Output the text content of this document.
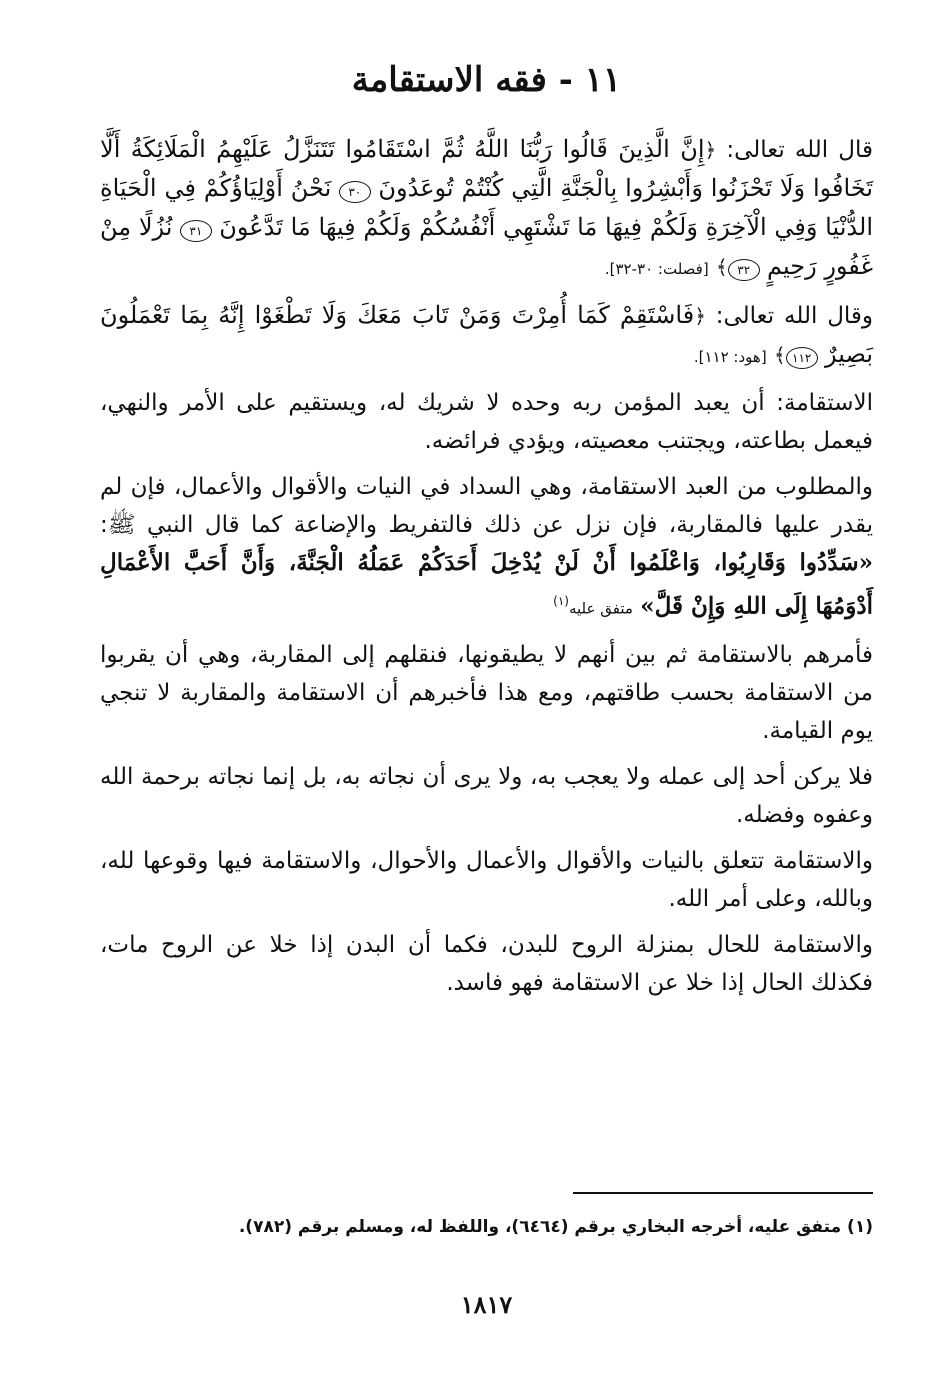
١١ - فقه الاستقامة

قال الله تعالى: ﴿إِنَّ الَّذِينَ قَالُوا رَبُّنَا اللَّهُ ثُمَّ اسْتَقَامُوا تَتَنَزَّلُ عَلَيْهِمُ الْمَلَائِكَةُ أَلَّا تَخَافُوا وَلَا تَحْزَنُوا وَأَبْشِرُوا بِالْجَنَّةِ الَّتِي كُنْتُمْ تُوعَدُونَ ٣٠ نَحْنُ أَوْلِيَاؤُكُمْ فِي الْحَيَاةِ الدُّنْيَا وَفِي الْآخِرَةِ وَلَكُمْ فِيهَا مَا تَشْتَهِي أَنْفُسُكُمْ وَلَكُمْ فِيهَا مَا تَدَّعُونَ ٣١ نُزُلًا مِنْ غَفُورٍ رَحِيمٍ ٣٢﴾ [فصلت: ٣٠-٣٢].

وقال الله تعالى: ﴿فَاسْتَقِمْ كَمَا أُمِرْتَ وَمَنْ تَابَ مَعَكَ وَلَا تَطْغَوْا إِنَّهُ بِمَا تَعْمَلُونَ بَصِيرٌ ١١٢﴾ [هود: ١١٢].

الاستقامة: أن يعبد المؤمن ربه وحده لا شريك له، ويستقيم على الأمر والنهي، فيعمل بطاعته، ويجتنب معصيته، ويؤدي فرائضه.

والمطلوب من العبد الاستقامة، وهي السداد في النيات والأقوال والأعمال، فإن لم يقدر عليها فالمقاربة، فإن نزل عن ذلك فالتفريط والإضاعة كما قال النبي ﷺ: «سَدِّدُوا وَقَارِبُوا، وَاعْلَمُوا أَنْ لَنْ يُدْخِلَ أَحَدَكُمْ عَمَلُهُ الْجَنَّةَ، وَأَنَّ أَحَبَّ الأَعْمَالِ أَدْوَمُهَا إِلَى اللهِ وَإِنْ قَلَّ» متفق عليه$^{(١)}$

فأمرهم بالاستقامة ثم بين أنهم لا يطيقونها، فنقلهم إلى المقاربة، وهي أن يقربوا من الاستقامة بحسب طاقتهم، ومع هذا فأخبرهم أن الاستقامة والمقاربة لا تنجي يوم القيامة.

فلا يركن أحد إلى عمله ولا يعجب به، ولا يرى أن نجاته به، بل إنما نجاته برحمة الله وعفوه وفضله.

والاستقامة تتعلق بالنيات والأقوال والأعمال والأحوال، والاستقامة فيها وقوعها لله، وبالله، وعلى أمر الله.

والاستقامة للحال بمنزلة الروح للبدن، فكما أن البدن إذا خلا عن الروح مات، فكذلك الحال إذا خلا عن الاستقامة فهو فاسد.

(١) متفق عليه، أخرجه البخاري برقم (٦٤٦٤)، واللفظ له، ومسلم برقم (٧٨٢).
١٨١٧
